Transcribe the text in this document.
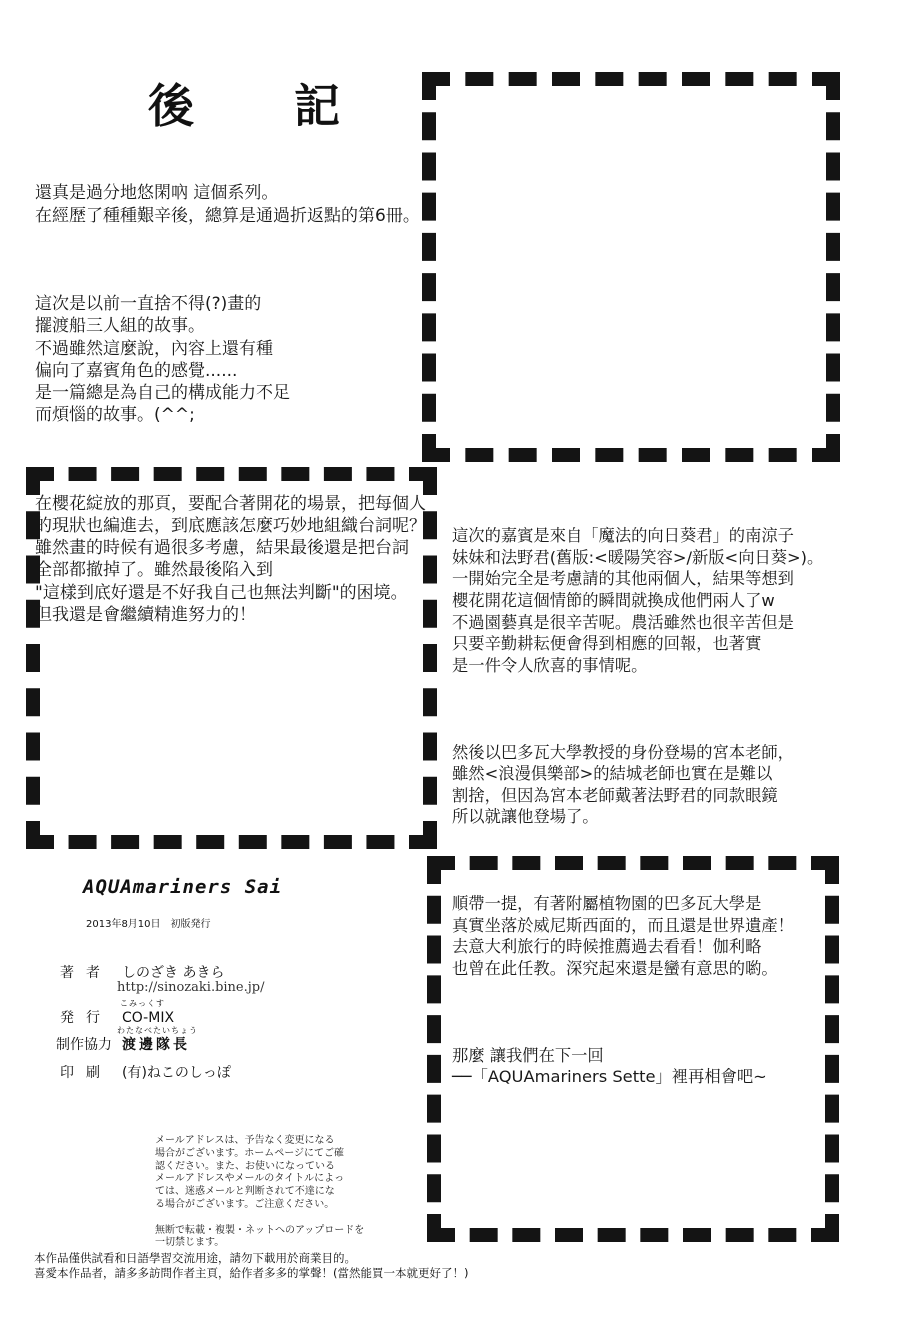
後 記

還真是過分地悠閑吶 這個系列。
在經歷了種種艱辛後，總算是通過折返點的第6冊。

這次是以前一直捨不得(?)畫的
擺渡船三人組的故事。
不過雖然這麼說，內容上還有種
偏向了嘉賓角色的感覺......
是一篇總是為自己的構成能力不足
而煩惱的故事。(^^;

在櫻花綻放的那頁，要配合著開花的場景，把每個人
的現狀也編進去，到底應該怎麼巧妙地組織台詞呢？
雖然畫的時候有過很多考慮，結果最後還是把台詞
全部都撤掉了。雖然最後陷入到
"這樣到底好還是不好我自己也無法判斷"的困境。
但我還是會繼續精進努力的！

這次的嘉賓是來自「魔法的向日葵君」的南涼子
妹妹和法野君(舊版:<暖陽笑容>/新版<向日葵>)。
一開始完全是考慮請的其他兩個人，結果等想到
櫻花開花這個情節的瞬間就換成他們兩人了w
不過園藝真是很辛苦呢。農活雖然也很辛苦但是
只要辛勤耕耘便會得到相應的回報，也著實
是一件令人欣喜的事情呢。

然後以巴多瓦大學教授的身份登場的宮本老師，
雖然<浪漫俱樂部>的結城老師也實在是難以
割捨，但因為宮本老師戴著法野君的同款眼鏡
所以就讓他登場了。

順帶一提，有著附屬植物園的巴多瓦大學是
真實坐落於威尼斯西面的，而且還是世界遺產！
去意大利旅行的時候推薦過去看看！伽利略
也曾在此任教。深究起來還是蠻有意思的喲。

那麼 讓我們在下一回
──「AQUAmariners Sette」裡再相會吧~

AQUAmariners Sai
2013年8月10日　初版発行
著者 しのざき あきら
http://sinozaki.bine.jp/
こみっくす
発行 CO-MIX
わたなべたいちょう
制作協力 渡邊隊長
印刷 (有)ねこのしっぽ
メールアドレスは、予告なく変更になる
場合がございます。ホームページにてご確
認ください。また、お使いになっている
メールアドレスやメールのタイトルによっ
ては、迷惑メールと判断されて不達にな
る場合がございます。ご注意ください。

無断で転載・複製・ネットへのアップロードを
一切禁じます。
本作品僅供試看和日語學習交流用途，請勿下載用於商業目的。
喜愛本作品者，請多多訪問作者主頁，給作者多多的掌聲！(當然能買一本就更好了！)
